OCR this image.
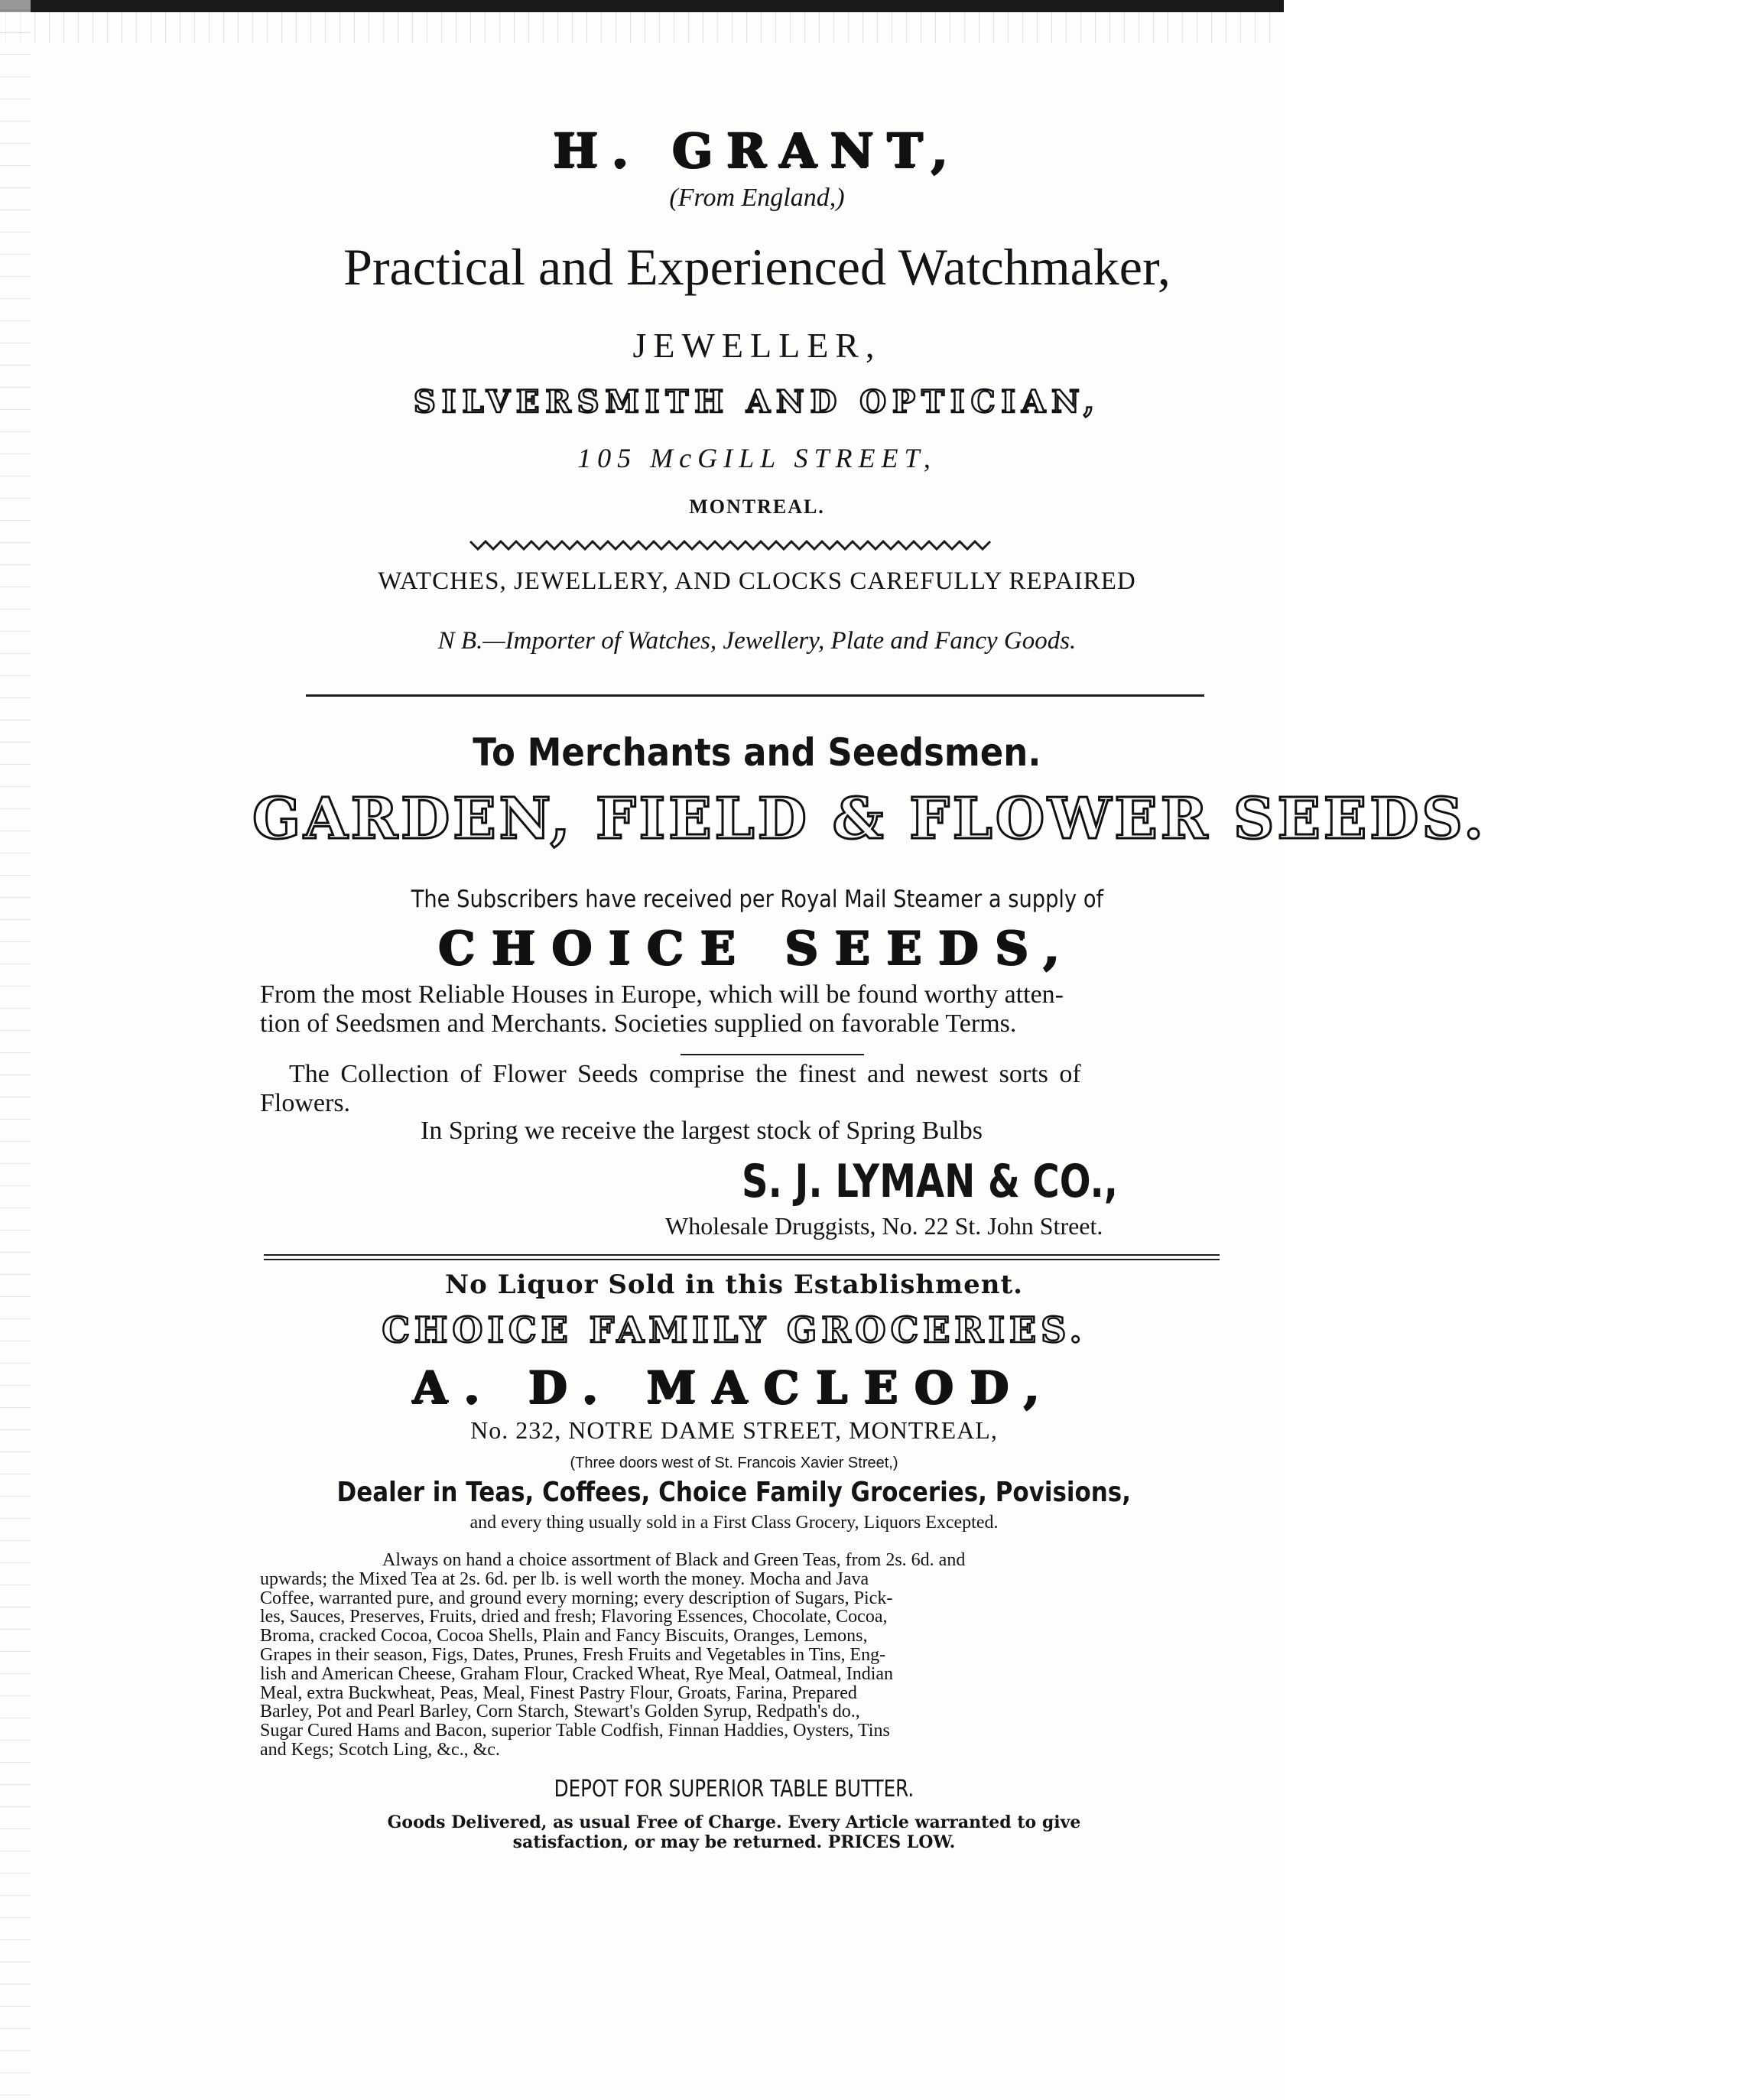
H. GRANT,
(From England,)
Practical and Experienced Watchmaker,
JEWELLER,
SILVERSMITH AND OPTICIAN,
105 McGILL STREET,
MONTREAL.
WATCHES, JEWELLERY, AND CLOCKS CAREFULLY REPAIRED
N B.—Importer of Watches, Jewellery, Plate and Fancy Goods.
To Merchants and Seedsmen.
GARDEN, FIELD & FLOWER SEEDS.
The Subscribers have received per Royal Mail Steamer a supply of
CHOICE SEEDS,
From the most Reliable Houses in Europe, which will be found worthy atten-
tion of Seedsmen and Merchants. Societies supplied on favorable Terms.
The Collection of Flower Seeds comprise the finest and newest sorts of
Flowers.
In Spring we receive the largest stock of Spring Bulbs
S. J. LYMAN & CO.,
Wholesale Druggists, No. 22 St. John Street.
No Liquor Sold in this Establishment.
CHOICE FAMILY GROCERIES.
A. D. MACLEOD,
No. 232, NOTRE DAME STREET, MONTREAL,
(Three doors west of St. Francois Xavier Street,)
Dealer in Teas, Coffees, Choice Family Groceries, Povisions,
and every thing usually sold in a First Class Grocery, Liquors Excepted.
Always on hand a choice assortment of Black and Green Teas, from 2s. 6d. and
upwards; the Mixed Tea at 2s. 6d. per lb. is well worth the money. Mocha and Java
Coffee, warranted pure, and ground every morning; every description of Sugars, Pick-
les, Sauces, Preserves, Fruits, dried and fresh; Flavoring Essences, Chocolate, Cocoa,
Broma, cracked Cocoa, Cocoa Shells, Plain and Fancy Biscuits, Oranges, Lemons,
Grapes in their season, Figs, Dates, Prunes, Fresh Fruits and Vegetables in Tins, Eng-
lish and American Cheese, Graham Flour, Cracked Wheat, Rye Meal, Oatmeal, Indian
Meal, extra Buckwheat, Peas, Meal, Finest Pastry Flour, Groats, Farina, Prepared
Barley, Pot and Pearl Barley, Corn Starch, Stewart's Golden Syrup, Redpath's do.,
Sugar Cured Hams and Bacon, superior Table Codfish, Finnan Haddies, Oysters, Tins
and Kegs; Scotch Ling, &c., &c.
DEPOT FOR SUPERIOR TABLE BUTTER.
Goods Delivered, as usual Free of Charge. Every Article warranted to give
satisfaction, or may be returned. PRICES LOW.
